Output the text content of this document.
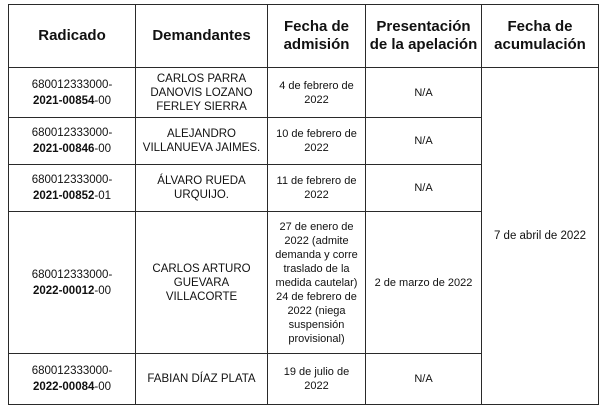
Radicado	Demandantes	Fecha de admisión	Presentación de la apelación	Fecha de acumulación

680012333000-
2021-00854-00	CARLOS PARRA DANOVIS LOZANO FERLEY SIERRA	4 de febrero de 2022	N/A	7 de abril de 2022

680012333000-
2021-00846-00	ALEJANDRO VILLANUEVA JAIMES.	10 de febrero de 2022	N/A	

680012333000-
2021-00852-01	ÁLVARO RUEDA URQUIJO.	11 de febrero de 2022	N/A	

680012333000-
2022-00012-00	CARLOS ARTURO GUEVARA VILLACORTE	27 de enero de 2022 (admite demanda y corre traslado de la medida cautelar) 24 de febrero de 2022 (niega suspensión provisional)	2 de marzo de 2022	

680012333000-
2022-00084-00	FABIAN DÍAZ PLATA	19 de julio de 2022	N/A	
